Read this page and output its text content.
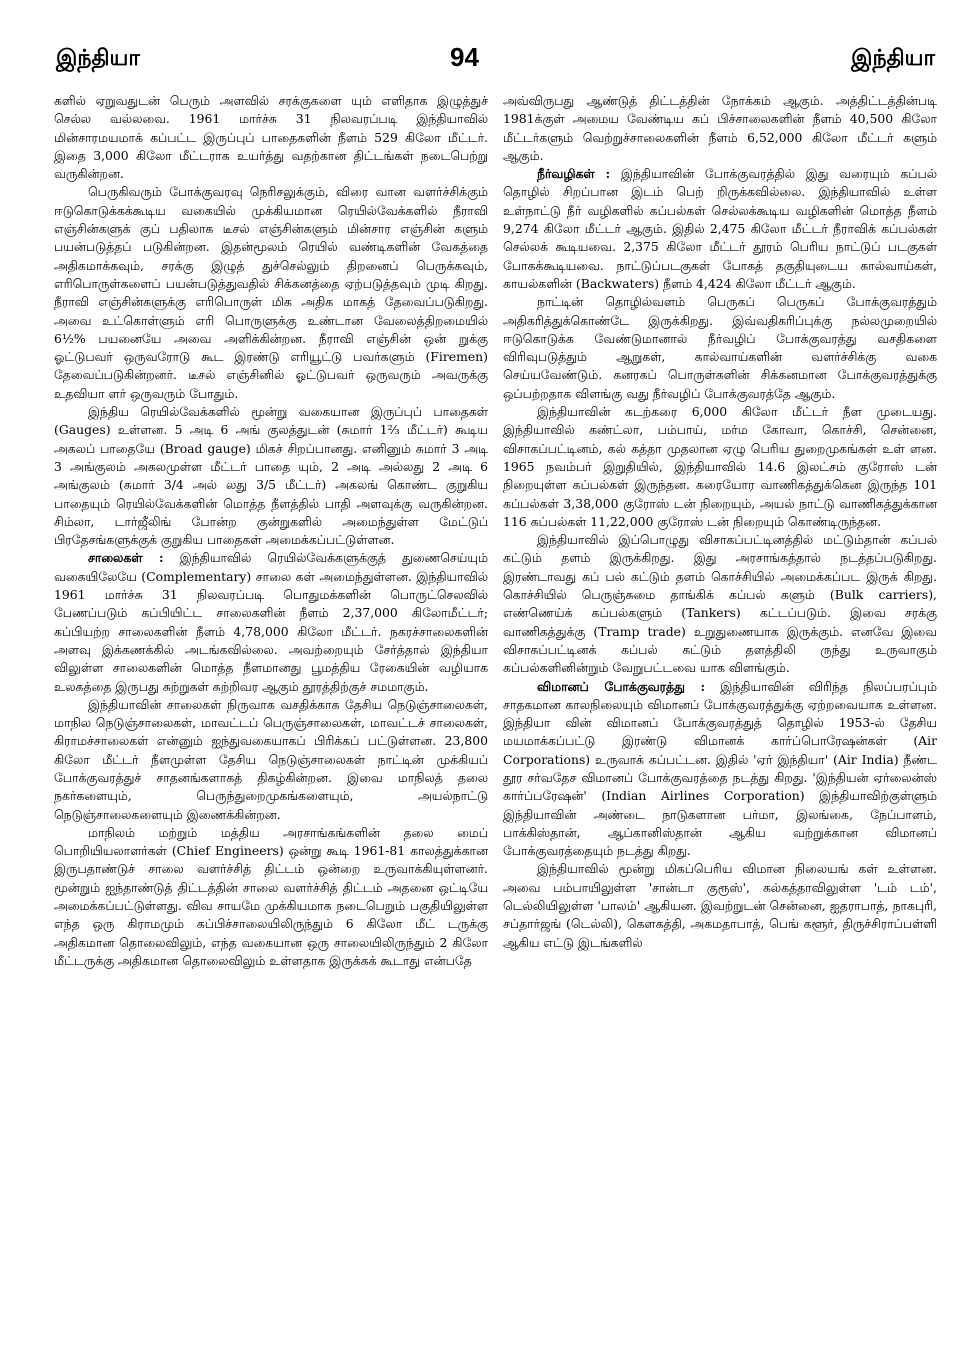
இந்தியா	94	இந்தியா

களில் ஏறுவதுடன் பெரும் அளவில் சரக்குகளை யும் எளிதாக இழுத்துச் செல்ல வல்லவை. 1961 மார்ச்சு 31 நிலவரப்படி இந்தியாவில் மின்சாரமயமாக் கப்பட்ட இருப்புப் பாதைகளின் நீளம் 529 கிலோ மீட்டர். இதை 3,000 கிலோ மீட்டராக உயர்த்து வதற்கான திட்டங்கள் நடைபெற்று வருகின்றன.

பெருகிவரும் போக்குவரவு நெரிசலுக்கும், விரை வான வளர்ச்சிக்கும் ஈடுகொடுக்கக்கூடிய வகையில் முக்கியமான ரெயில்வேக்களில் நீராவி எஞ்சின்களுக் குப் பதிலாக டீசல் எஞ்சின்களும் மின்சார எஞ்சின் களும் பயன்படுத்தப் படுகின்றன. இதன்மூலம் ரெயில் வண்டிகளின் வேகத்தை அதிகமாக்கவும், சரக்கு இழுத் துச்செல்லும் திறனைப் பெருக்கவும், எரிபொருள்களைப் பயன்படுத்துவதில் சிக்கனத்தை ஏற்படுத்தவும் முடி கிறது. நீராவி எஞ்சின்களுக்கு எரிபொருள் மிக அதிக மாகத் தேவைப்படுகிறது. அவை உட்கொள்ளும் எரி பொருளுக்கு உண்டான வேலைத்திறமையில் 6½% பயனையே அவை அளிக்கின்றன. நீராவி எஞ்சின் ஒன் றுக்கு ஓட்டுபவர் ஒருவரோடு கூட இரண்டு எரியூட்டு பவர்களும் (Firemen) தேவைப்படுகின்றனர். டீசல் எஞ்சினில் ஓட்டுபவர் ஒருவரும் அவருக்கு உதவியா ளர் ஒருவரும் போதும்.

இந்திய ரெயில்வேக்களில் மூன்று வகையான இருப்புப் பாதைகள் (Gauges) உள்ளன. 5 அடி 6 அங் குலத்துடன் (சுமார் 1⅔ மீட்டர்) கூடிய அகலப் பாதையே (Broad gauge) மிகச் சிறப்பானது. எனினும் சுமார் 3 அடி 3 அங்குலம் அகலமுள்ள மீட்டர் பாதை யும், 2 அடி அல்லது 2 அடி 6 அங்குலம் (சுமார் 3/4 அல் லது 3/5 மீட்டர்) அகலங் கொண்ட குறுகிய பாதையும் ரெயில்வேக்களின் மொத்த நீளத்தில் பாதி அளவுக்கு வருகின்றன. சிம்லா, டார்ஜீலிங் போன்ற குன்றுகளில் அமைந்துள்ள மேட்டுப் பிரதேசங்களுக்குக் குறுகிய பாதைகள் அமைக்கப்பட்டுள்ளன.

சாலைகள் : இந்தியாவில் ரெயில்வேக்களுக்குத் துணைசெய்யும் வகையிலேயே (Complementary) சாலை கள் அமைந்துள்ளன. இந்தியாவில் 1961 மார்ச்சு 31 நிலவரப்படி பொதுமக்களின் பொருட்செலவில் பேணப்படும் கப்பியிட்ட சாலைகளின் நீளம் 2,37,000 கிலோமீட்டர்; கப்பியற்ற சாலைகளின் நீளம் 4,78,000 கிலோ மீட்டர். நகரச்சாலைகளின் அளவு இக்கணக்கில் அடங்கவில்லை. அவற்றையும் சேர்த்தால் இந்தியா விலுள்ள சாலைகளின் மொத்த நீளமானது பூமத்திய ரேகையின் வழியாக உலகத்தை இருபது சுற்றுகள் சுற்றிவர ஆகும் தூரத்திற்குச் சமமாகும்.

இந்தியாவின் சாலைகள் நிருவாக வசதிக்காக தேசிய நெடுஞ்சாலைகள், மாநில நெடுஞ்சாலைகள், மாவட்டப் பெருஞ்சாலைகள், மாவட்டச் சாலைகள், கிராமச்சாலைகள் என்னும் ஐந்துவகையாகப் பிரிக்கப் பட்டுள்ளன. 23,800 கிலோ மீட்டர் நீளமுள்ள தேசிய நெடுஞ்சாலைகள் நாட்டின் முக்கியப் போக்குவரத்துச் சாதனங்களாகத் திகழ்கின்றன. இவை மாநிலத் தலை நகர்களையும், பெருந்துறைமுகங்களையும், அயல்நாட்டு நெடுஞ்சாலைகளையும் இணைக்கின்றன.

மாநிலம் மற்றும் மத்திய அரசாங்கங்களின் தலை மைப் பொறியியலாளர்கள் (Chief Engineers) ஒன்று கூடி 1961-81 காலத்துக்கான இருபதாண்டுச் சாலை வளர்ச்சித் திட்டம் ஒன்றை உருவாக்கியுள்ளனர். மூன்றும் ஐந்தாண்டுத் திட்டத்தின் சாலை வளர்ச்சித் திட்டம் அதனை ஒட்டியே அமைக்கப்பட்டுள்ளது. விவ சாயமே முக்கியமாக நடைபெறும் பகுதியிலுள்ள எந்த ஒரு கிராமமும் கப்பிச்சாலையிலிருந்தும் 6 கிலோ மீட் டருக்கு அதிகமான தொலைவிலும், எந்த வகையான ஒரு சாலையிலிருந்தும் 2 கிலோ மீட்டருக்கு அதிகமான தொலைவிலும் உள்ளதாக இருக்கக் கூடாது என்பதே

அவ்விருபது ஆண்டுத் திட்டத்தின் நோக்கம் ஆகும். அத்திட்டத்தின்படி 1981க்குள் அமைய வேண்டிய கப் பிச்சாலைகளின் நீளம் 40,500 கிலோ மீட்டர்களும் வெற்றுச்சாலைகளின் நீளம் 6,52,000 கிலோ மீட்டர் களும் ஆகும்.

நீர்வழிகள் : இந்தியாவின் போக்குவரத்தில் இது வரையும் கப்பல் தொழில் சிறப்பான இடம் பெற் றிருக்கவில்லை. இந்தியாவில் உள்ள உள்நாட்டு நீர் வழிகளில் கப்பல்கள் செல்லக்கூடிய வழிகளின் மொத்த நீளம் 9,274 கிலோ மீட்டர் ஆகும். இதில் 2,475 கிலோ மீட்டர் நீராவிக் கப்பல்கள் செல்லக் கூடியவை. 2,375 கிலோ மீட்டர் தூரம் பெரிய நாட்டுப் படகுகள் போகக்கூடியவை. நாட்டுப்படகுகள் போகத் தகுதியுடைய கால்வாய்கள், காயல்களின் (Backwaters) நீளம் 4,424 கிலோ மீட்டர் ஆகும்.

நாட்டின் தொழில்வளம் பெருகப் பெருகப் போக்குவரத்தும் அதிகரித்துக்கொண்டே இருக்கிறது. இவ்வதிகரிப்புக்கு நல்லமுறையில் ஈடுகொடுக்க வேண்டுமானால் நீர்வழிப் போக்குவரத்து வசதிகளை விரிவுபடுத்தும் ஆறுகள், கால்வாய்களின் வளர்ச்சிக்கு வகை செய்யவேண்டும். கனரகப் பொருள்களின் சிக்கனமான போக்குவரத்துக்கு ஒப்பற்றதாக விளங்கு வது நீர்வழிப் போக்குவரத்தே ஆகும்.

இந்தியாவின் கடற்கரை 6,000 கிலோ மீட்டர் நீள முடையது. இந்தியாவில் கண்ட்லா, பம்பாய், மர்ம கோவா, கொச்சி, சென்னை, விசாகப்பட்டினம், கல் கத்தா முதலான ஏழு பெரிய துறைமுகங்கள் உள் ளன. 1965 நவம்பர் இறுதியில், இந்தியாவில் 14.6 இலட்சம் குரோஸ் டன் நிறையுள்ள கப்பல்கள் இருந்தன. கரையோர வாணிகத்துக்கென இருந்த 101 கப்பல்கள் 3,38,000 குரோஸ் டன் நிறையும், அயல் நாட்டு வாணிகத்துக்கான 116 கப்பல்கள் 11,22,000 குரோஸ் டன் நிறையும் கொண்டிருந்தன.

இந்தியாவில் இப்பொழுது விசாகப்பட்டினத்தில் மட்டும்தான் கப்பல் கட்டும் தளம் இருக்கிறது. இது அரசாங்கத்தால் நடத்தப்படுகிறது. இரண்டாவது கப் பல் கட்டும் தளம் கொச்சியில் அமைக்கப்பட இருக் கிறது. கொச்சியில் பெருஞ்சுமை தாங்கிக் கப்பல் களும் (Bulk carriers), எண்ணெய்க் கப்பல்களும் (Tankers) கட்டப்படும். இவை சரக்கு வாணிகத்துக்கு (Tramp trade) உறுதுணையாக இருக்கும். எனவே இவை விசாகப்பட்டினக் கப்பல் கட்டும் தளத்திலி ருந்து உருவாகும் கப்பல்களினின்றும் வேறுபட்டவை யாக விளங்கும்.

விமானப் போக்குவரத்து : இந்தியாவின் விரிந்த நிலப்பரப்பும் சாதகமான காலநிலையும் விமானப் போக்குவரத்துக்கு ஏற்றவையாக உள்ளன. இந்தியா வின் விமானப் போக்குவரத்துத் தொழில் 1953-ல் தேசிய மயமாக்கப்பட்டு இரண்டு விமானக் கார்ப்பொரேஷன்கள் (Air Corporations) உருவாக் கப்பட்டன. இதில் 'ஏர் இந்தியா' (Air India) நீண்ட தூர சர்வதேச விமானப் போக்குவரத்தை நடத்து கிறது. 'இந்தியன் ஏர்லைன்ஸ் கார்ப்பரேஷன்' (Indian Airlines Corporation) இந்தியாவிற்குள்ளும் இந்தியாவின் அண்டை நாடுகளான பர்மா, இலங்கை, நேப்பாளம், பாக்கிஸ்தான், ஆப்கானிஸ்தான் ஆகிய வற்றுக்கான விமானப் போக்குவரத்தையும் நடத்து கிறது.

இந்தியாவில் மூன்று மிகப்பெரிய விமான நிலையங் கள் உள்ளன. அவை பம்பாயிலுள்ள 'சான்டா குரூஸ்', கல்கத்தாவிலுள்ள 'டம் டம்', டெல்லியிலுள்ள 'பாலம்' ஆகியன. இவற்றுடன் சென்னை, ஐதராபாத், நாகபுரி, சப்தார்ஜங் (டெல்லி), கௌகத்தி, அகமதாபாத், பெங் களூர், திருச்சிராப்பள்ளி ஆகிய எட்டு இடங்களில்
